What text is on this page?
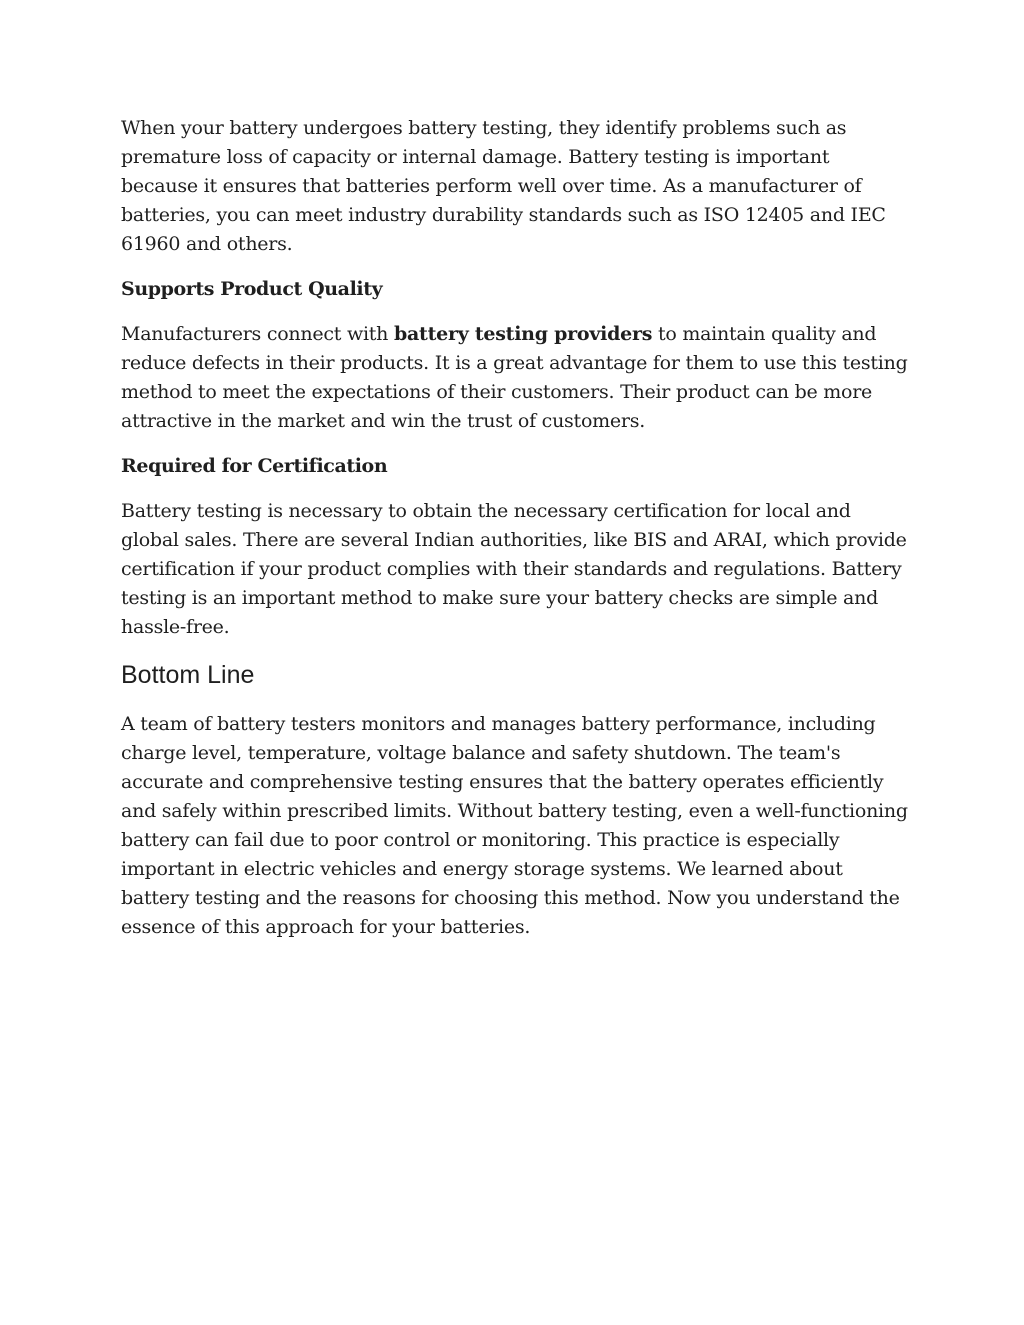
When your battery undergoes battery testing, they identify problems such as premature loss of capacity or internal damage. Battery testing is important because it ensures that batteries perform well over time. As a manufacturer of batteries, you can meet industry durability standards such as ISO 12405 and IEC 61960 and others.

Supports Product Quality

Manufacturers connect with battery testing providers to maintain quality and reduce defects in their products. It is a great advantage for them to use this testing method to meet the expectations of their customers. Their product can be more attractive in the market and win the trust of customers.

Required for Certification

Battery testing is necessary to obtain the necessary certification for local and global sales. There are several Indian authorities, like BIS and ARAI, which provide certification if your product complies with their standards and regulations. Battery testing is an important method to make sure your battery checks are simple and hassle-free.

Bottom Line

A team of battery testers monitors and manages battery performance, including charge level, temperature, voltage balance and safety shutdown. The team's accurate and comprehensive testing ensures that the battery operates efficiently and safely within prescribed limits. Without battery testing, even a well-functioning battery can fail due to poor control or monitoring. This practice is especially important in electric vehicles and energy storage systems. We learned about battery testing and the reasons for choosing this method. Now you understand the essence of this approach for your batteries.
